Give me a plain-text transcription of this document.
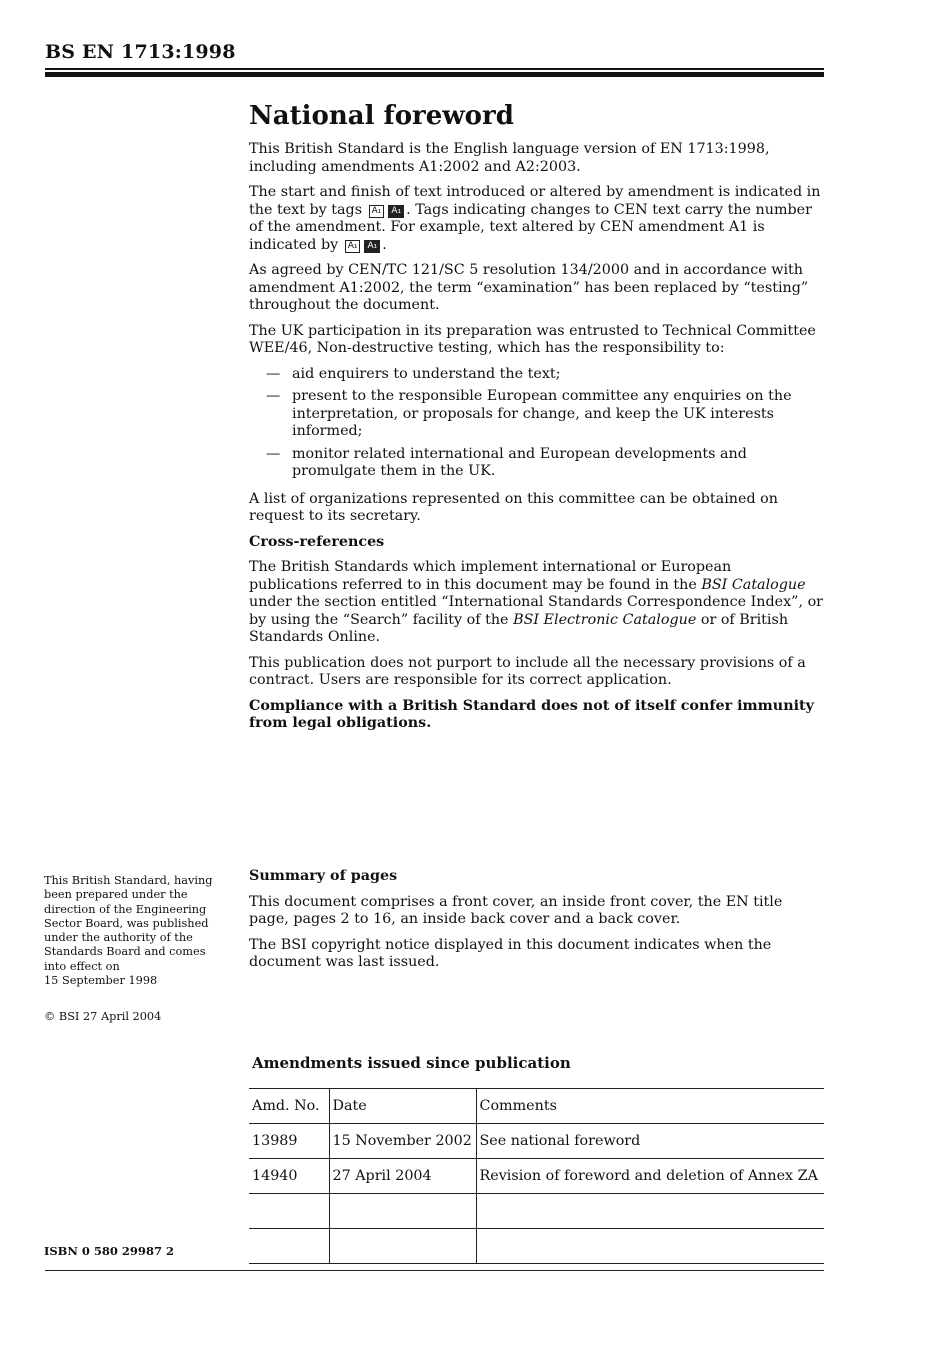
BS EN 1713:1998
National foreword

This British Standard is the English language version of EN 1713:1998, including amendments A1:2002 and A2:2003.

The start and finish of text introduced or altered by amendment is indicated in the text by tags A₁ A₁ . Tags indicating changes to CEN text carry the number of the amendment. For example, text altered by CEN amendment A1 is indicated by A₁ A₁ .

As agreed by CEN/TC 121/SC 5 resolution 134/2000 and in accordance with amendment A1:2002, the term “examination” has been replaced by “testing” throughout the document.

The UK participation in its preparation was entrusted to Technical Committee WEE/46, Non-destructive testing, which has the responsibility to:

— aid enquirers to understand the text;
— present to the responsible European committee any enquiries on the interpretation, or proposals for change, and keep the UK interests informed;
— monitor related international and European developments and promulgate them in the UK.

A list of organizations represented on this committee can be obtained on request to its secretary.

Cross-references

The British Standards which implement international or European publications referred to in this document may be found in the BSI Catalogue under the section entitled “International Standards Correspondence Index”, or by using the “Search” facility of the BSI Electronic Catalogue or of British Standards Online.

This publication does not purport to include all the necessary provisions of a contract. Users are responsible for its correct application.

Compliance with a British Standard does not of itself confer immunity from legal obligations.

Summary of pages

This document comprises a front cover, an inside front cover, the EN title page, pages 2 to 16, an inside back cover and a back cover.

The BSI copyright notice displayed in this document indicates when the document was last issued.

This British Standard, having been prepared under the direction of the Engineering Sector Board, was published under the authority of the Standards Board and comes into effect on

15 September 1998

© BSI 27 April 2004
Amendments issued since publication
Amd. No.	Date	Comments
13989	15 November 2002	See national foreword
14940	27 April 2004	Revision of foreword and deletion of Annex ZA

ISBN 0 580 29987 2
